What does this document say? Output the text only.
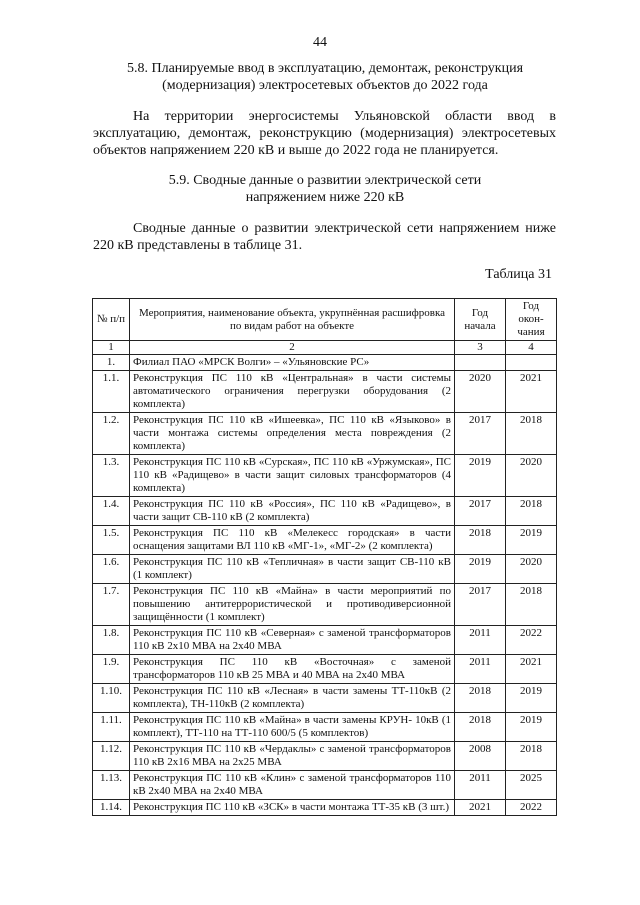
44
5.8. Планируемые ввод в эксплуатацию, демонтаж, реконструкция
(модернизация) электросетевых объектов до 2022 года
На территории энергосистемы Ульяновской области ввод в эксплуатацию, демонтаж, реконструкцию (модернизация) электросетевых объектов напряжением 220 кВ и выше до 2022 года не планируется.
5.9. Сводные данные о развитии электрической сети
напряжением ниже 220 кВ
Сводные данные о развитии электрической сети напряжением ниже 220 кВ представлены в таблице 31.
Таблица 31
№ п/п	Мероприятия, наименование объекта, укрупнённая расшифровка по видам работ на объекте	Год начала	Год окон- чания
1	2	3	4
1.	Филиал ПАО «МРСК Волги» – «Ульяновские РС»		
1.1.	Реконструкция ПС 110 кВ «Центральная» в части системы автоматического ограничения перегрузки оборудования (2 комплекта)	2020	2021
1.2.	Реконструкция ПС 110 кВ «Ишеевка», ПС 110 кВ «Языково» в части монтажа системы определения места повреждения (2 комплекта)	2017	2018
1.3.	Реконструкция ПС 110 кВ «Сурская», ПС 110 кВ «Уржумская», ПС 110 кВ «Радищево» в части защит силовых трансформаторов (4 комплекта)	2019	2020
1.4.	Реконструкция ПС 110 кВ «Россия», ПС 110 кВ «Радищево», в части защит СВ-110 кВ (2 комплекта)	2017	2018
1.5.	Реконструкция ПС 110 кВ «Мелекесс городская» в части оснащения защитами ВЛ 110 кВ «МГ-1», «МГ-2» (2 комплекта)	2018	2019
1.6.	Реконструкция ПС 110 кВ «Тепличная» в части защит СВ-110 кВ (1 комплект)	2019	2020
1.7.	Реконструкция ПС 110 кВ «Майна» в части мероприятий по повышению антитеррористической и противодиверсионной защищённости (1 комплект)	2017	2018
1.8.	Реконструкция ПС 110 кВ «Северная» с заменой трансформаторов 110 кВ 2х10 МВА на 2х40 МВА	2011	2022
1.9.	Реконструкция ПС 110 кВ «Восточная» с заменой трансформаторов 110 кВ 25 МВА и 40 МВА на 2х40 МВА	2011	2021
1.10.	Реконструкция ПС 110 кВ «Лесная» в части замены ТТ-110кВ (2 комплекта), ТН-110кВ (2 комплекта)	2018	2019
1.11.	Реконструкция ПС 110 кВ «Майна» в части замены КРУН- 10кВ (1 комплект), ТТ-110 на ТТ-110 600/5 (5 комплектов)	2018	2019
1.12.	Реконструкция ПС 110 кВ «Чердаклы» с заменой трансформаторов 110 кВ 2х16 МВА на 2х25 МВА	2008	2018
1.13.	Реконструкция ПС 110 кВ «Клин» с заменой трансформаторов 110 кВ 2х40 МВА на 2х40 МВА	2011	2025
1.14.	Реконструкция ПС 110 кВ «ЗСК» в части монтажа ТТ-35 кВ (3 шт.)	2021	2022
